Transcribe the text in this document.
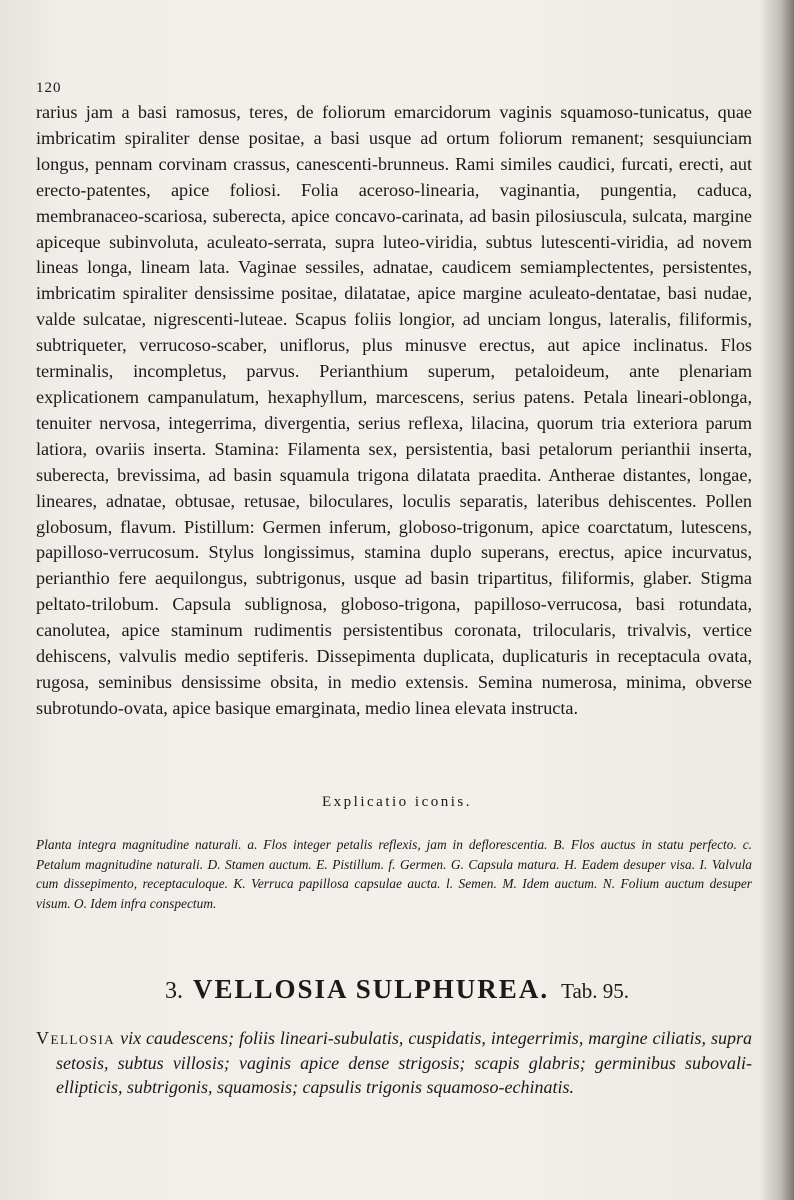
120

rarius jam a basi ramosus, teres, de foliorum emarcidorum vaginis squamoso-tunicatus, quae imbricatim spiraliter dense positae, a basi usque ad ortum foliorum remanent; sesquiunciam longus, pennam corvinam crassus, canescenti-brunneus. Rami similes caudici, furcati, erecti, aut erecto-patentes, apice foliosi. Folia aceroso-linearia, vaginantia, pungentia, caduca, membranaceo-scariosa, suberecta, apice concavo-carinata, ad basin pilosiuscula, sulcata, margine apiceque subinvoluta, aculeato-serrata, supra luteo-viridia, subtus lutescenti-viridia, ad novem lineas longa, lineam lata. Vaginae sessiles, adnatae, caudicem semiamplectentes, persistentes, imbricatim spiraliter densissime positae, dilatatae, apice margine aculeato-dentatae, basi nudae, valde sulcatae, nigrescenti-luteae. Scapus foliis longior, ad unciam longus, lateralis, filiformis, subtriqueter, verrucoso-scaber, uniflorus, plus minusve erectus, aut apice inclinatus. Flos terminalis, incompletus, parvus. Perianthium superum, petaloideum, ante plenariam explicationem campanulatum, hexaphyllum, marcescens, serius patens. Petala lineari-oblonga, tenuiter nervosa, integerrima, divergentia, serius reflexa, lilacina, quorum tria exteriora parum latiora, ovariis inserta. Stamina: Filamenta sex, persistentia, basi petalorum perianthii inserta, suberecta, brevissima, ad basin squamula trigona dilatata praedita. Antherae distantes, longae, lineares, adnatae, obtusae, retusae, biloculares, loculis separatis, lateribus dehiscentes. Pollen globosum, flavum. Pistillum: Germen inferum, globoso-trigonum, apice coarctatum, lutescens, papilloso-verrucosum. Stylus longissimus, stamina duplo superans, erectus, apice incurvatus, perianthio fere aequilongus, subtrigonus, usque ad basin tripartitus, filiformis, glaber. Stigma peltato-trilobum. Capsula sublignosa, globoso-trigona, papilloso-verrucosa, basi rotundata, canolutea, apice staminum rudimentis persistentibus coronata, trilocularis, trivalvis, vertice dehiscens, valvulis medio septiferis. Dissepimenta duplicata, duplicaturis in receptacula ovata, rugosa, seminibus densissime obsita, in medio extensis. Semina numerosa, minima, obverse subrotundo-ovata, apice basique emarginata, medio linea elevata instructa.

Explicatio iconis.

Planta integra magnitudine naturali. a. Flos integer petalis reflexis, jam in deflorescentia. B. Flos auctus in statu perfecto. c. Petalum magnitudine naturali. D. Stamen auctum. E. Pistillum. f. Germen. G. Capsula matura. H. Eadem desuper visa. I. Valvula cum dissepimento, receptaculoque. K. Verruca papillosa capsulae aucta. l. Semen. M. Idem auctum. N. Folium auctum desuper visum. O. Idem infra conspectum.

3. VELLOSIA SULPHUREA. Tab. 95.

Vellosia vix caudescens; foliis lineari-subulatis, cuspidatis, integerrimis, margine ciliatis, supra setosis, subtus villosis; vaginis apice dense strigosis; scapis glabris; germinibus subovali-ellipticis, subtrigonis, squamosis; capsulis trigonis squamoso-echinatis.
